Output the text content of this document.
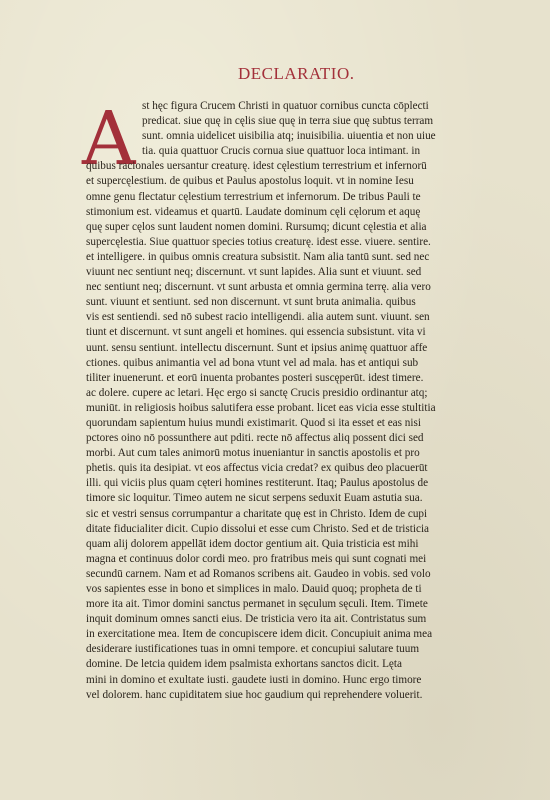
DECLARATIO.
A st hęc figura Crucem Christi in quatuor cornibus cuncta cōplecti
predicat. siue quę in cęlis siue quę in terra siue quę subtus terram
sunt. omnia uidelicet uisibilia atq; inuisibilia. uiuentia et non uiue
tia. quia quattuor Crucis cornua siue quattuor loca intimant. in
quibus racionales uersantur creaturę. idest cęlestium terrestrium et infernorū
et supercęlestium. de quibus et Paulus apostolus loquit. vt in nomine Iesu
omne genu flectatur cęlestium terrestrium et infernorum. De tribus Pauli te
stimonium est. videamus et quartū. Laudate dominum cęli cęlorum et aquę
quę super cęlos sunt laudent nomen domini. Rursumq; dicunt cęlestia et alia
supercęlestia. Siue quattuor species totius creaturę. idest esse. viuere. sentire.
et intelligere. in quibus omnis creatura subsistit. Nam alia tantū sunt. sed nec
viuunt nec sentiunt neq; discernunt. vt sunt lapides. Alia sunt et viuunt. sed
nec sentiunt neq; discernunt. vt sunt arbusta et omnia germina terrę. alia vero
sunt. viuunt et sentiunt. sed non discernunt. vt sunt bruta animalia. quibus
vis est sentiendi. sed nō subest racio intelligendi. alia autem sunt. viuunt. sen
tiunt et discernunt. vt sunt angeli et homines. qui essencia subsistunt. vita vi
uunt. sensu sentiunt. intellectu discernunt. Sunt et ipsius animę quattuor affe
ctiones. quibus animantia vel ad bona vtunt vel ad mala. has et antiqui sub
tiliter inuenerunt. et eorū inuenta probantes posteri suscęperūt. idest timere.
ac dolere. cupere ac letari. Hęc ergo si sanctę Crucis presidio ordinantur atq;
muniūt. in religiosis hoibus salutifera esse probant. licet eas vicia esse stultitia
quorundam sapientum huius mundi existimarit. Quod si ita esset et eas nisi
pctores oino nō possunthere aut pditi. recte nō affectus aliq possent dici sed
morbi. Aut cum tales animorū motus inueniantur in sanctis apostolis et pro
phetis. quis ita desipiat. vt eos affectus vicia credat? ex quibus deo placuerūt
illi. qui viciis plus quam cęteri homines restiterunt. Itaq; Paulus apostolus de
timore sic loquitur. Timeo autem ne sicut serpens seduxit Euam astutia sua.
sic et vestri sensus corrumpantur a charitate quę est in Christo. Idem de cupi
ditate fiducialiter dicit. Cupio dissolui et esse cum Christo. Sed et de tristicia
quam alij dolorem appellāt idem doctor gentium ait. Quia tristicia est mihi
magna et continuus dolor cordi meo. pro fratribus meis qui sunt cognati mei
secundū carnem. Nam et ad Romanos scribens ait. Gaudeo in vobis. sed volo
vos sapientes esse in bono et simplices in malo. Dauid quoq; propheta de ti
more ita ait. Timor domini sanctus permanet in sęculum sęculi. Item. Timete
inquit dominum omnes sancti eius. De tristicia vero ita ait. Contristatus sum
in exercitatione mea. Item de concupiscere idem dicit. Concupiuit anima mea
desiderare iustificationes tuas in omni tempore. et concupiui salutare tuum
domine. De letcia quidem idem psalmista exhortans sanctos dicit. Lęta
mini in domino et exultate iusti. gaudete iusti in domino. Hunc ergo timore
vel dolorem. hanc cupiditatem siue hoc gaudium qui reprehendere voluerit.
